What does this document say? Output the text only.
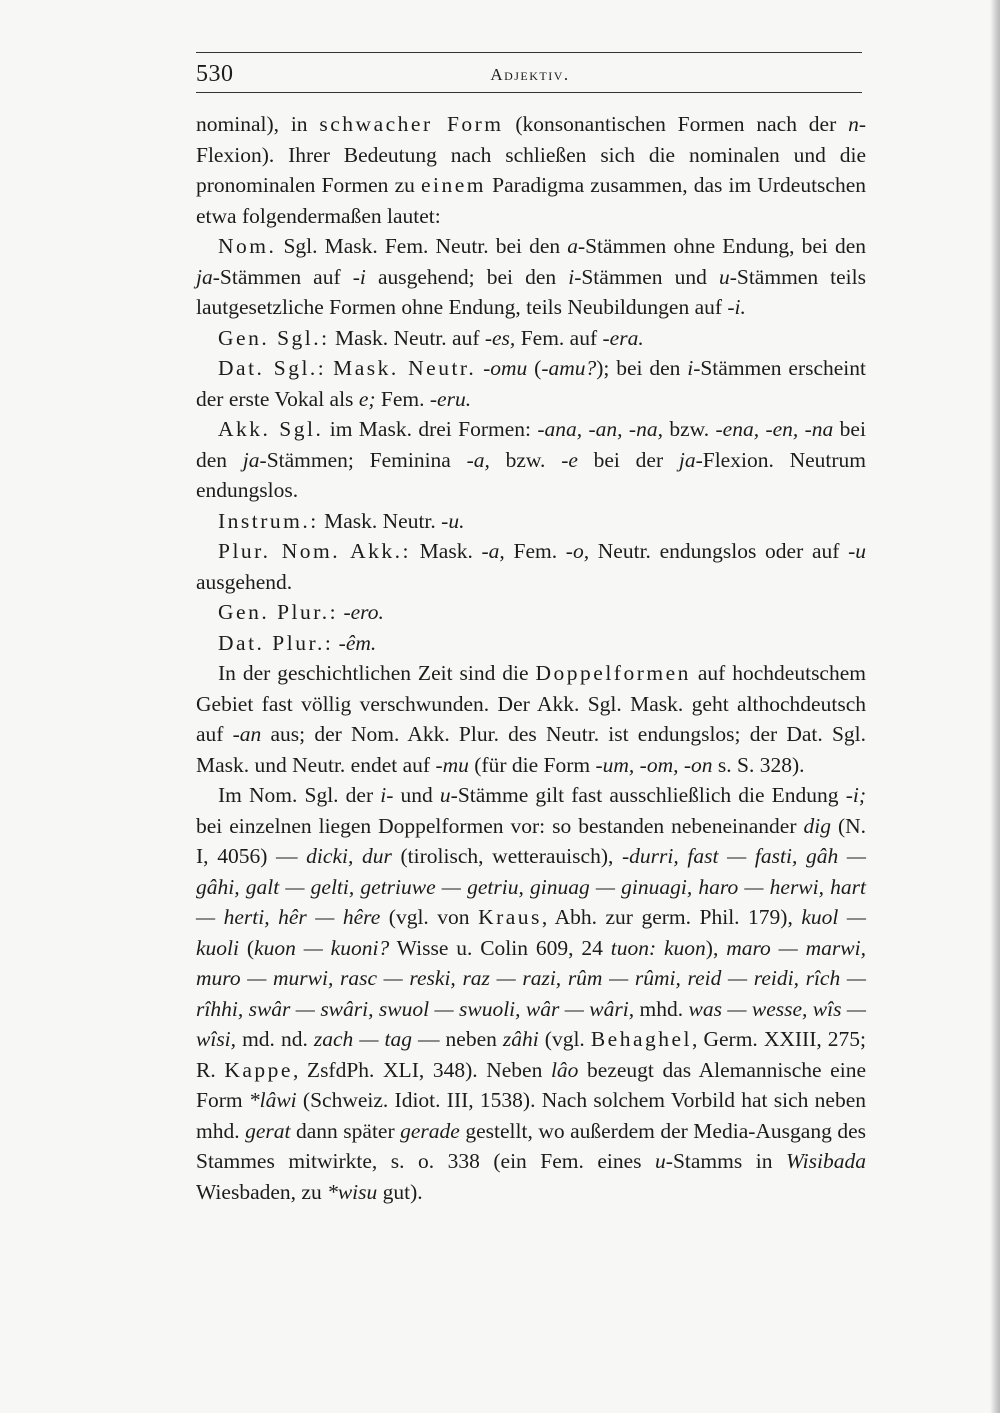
530	Adjektiv.

nominal), in schwacher Form (konsonantischen Formen nach der n-Flexion). Ihrer Bedeutung nach schließen sich die nominalen und die pronominalen Formen zu einem Paradigma zusammen, das im Urdeutschen etwa folgendermaßen lautet:

Nom. Sgl. Mask. Fem. Neutr. bei den a-Stämmen ohne Endung, bei den ja-Stämmen auf -i ausgehend; bei den i-Stämmen und u-Stämmen teils lautgesetzliche Formen ohne Endung, teils Neubildungen auf -i.

Gen. Sgl.: Mask. Neutr. auf -es, Fem. auf -era.

Dat. Sgl.: Mask. Neutr. -omu (-amu?); bei den i-Stämmen erscheint der erste Vokal als e; Fem. -eru.

Akk. Sgl. im Mask. drei Formen: -ana, -an, -na, bzw. -ena, -en, -na bei den ja-Stämmen; Feminina -a, bzw. -e bei der ja-Flexion. Neutrum endungslos.

Instrum.: Mask. Neutr. -u.

Plur. Nom. Akk.: Mask. -a, Fem. -o, Neutr. endungslos oder auf -u ausgehend.

Gen. Plur.: -ero.

Dat. Plur.: -êm.

In der geschichtlichen Zeit sind die Doppelformen auf hochdeutschem Gebiet fast völlig verschwunden. Der Akk. Sgl. Mask. geht althochdeutsch auf -an aus; der Nom. Akk. Plur. des Neutr. ist endungslos; der Dat. Sgl. Mask. und Neutr. endet auf -mu (für die Form -um, -om, -on s. S. 328).

Im Nom. Sgl. der i- und u-Stämme gilt fast ausschließlich die Endung -i; bei einzelnen liegen Doppelformen vor: so bestanden nebeneinander dig (N. I, 4056) — dicki, dur (tirolisch, wetterauisch), -durri, fast — fasti, gâh — gâhi, galt — gelti, getriuwe — getriu, ginuag — ginuagi, haro — herwi, hart — herti, hêr — hêre (vgl. von Kraus, Abh. zur germ. Phil. 179), kuol — kuoli (kuon — kuoni? Wisse u. Colin 609, 24 tuon: kuon), maro — marwi, muro — murwi, rasc — reski, raz — razi, rûm — rûmi, reid — reidi, rîch — rîhhi, swâr — swâri, swuol — swuoli, wâr — wâri, mhd. was — wesse, wîs — wîsi, md. nd. zach — tag — neben zâhi (vgl. Behaghel, Germ. XXIII, 275; R. Kappe, ZsfdPh. XLI, 348). Neben lâo bezeugt das Alemannische eine Form *lâwi (Schweiz. Idiot. III, 1538). Nach solchem Vorbild hat sich neben mhd. gerat dann später gerade gestellt, wo außerdem der Media-Ausgang des Stammes mitwirkte, s. o. 338 (ein Fem. eines u-Stamms in Wisibada Wiesbaden, zu *wisu gut).
